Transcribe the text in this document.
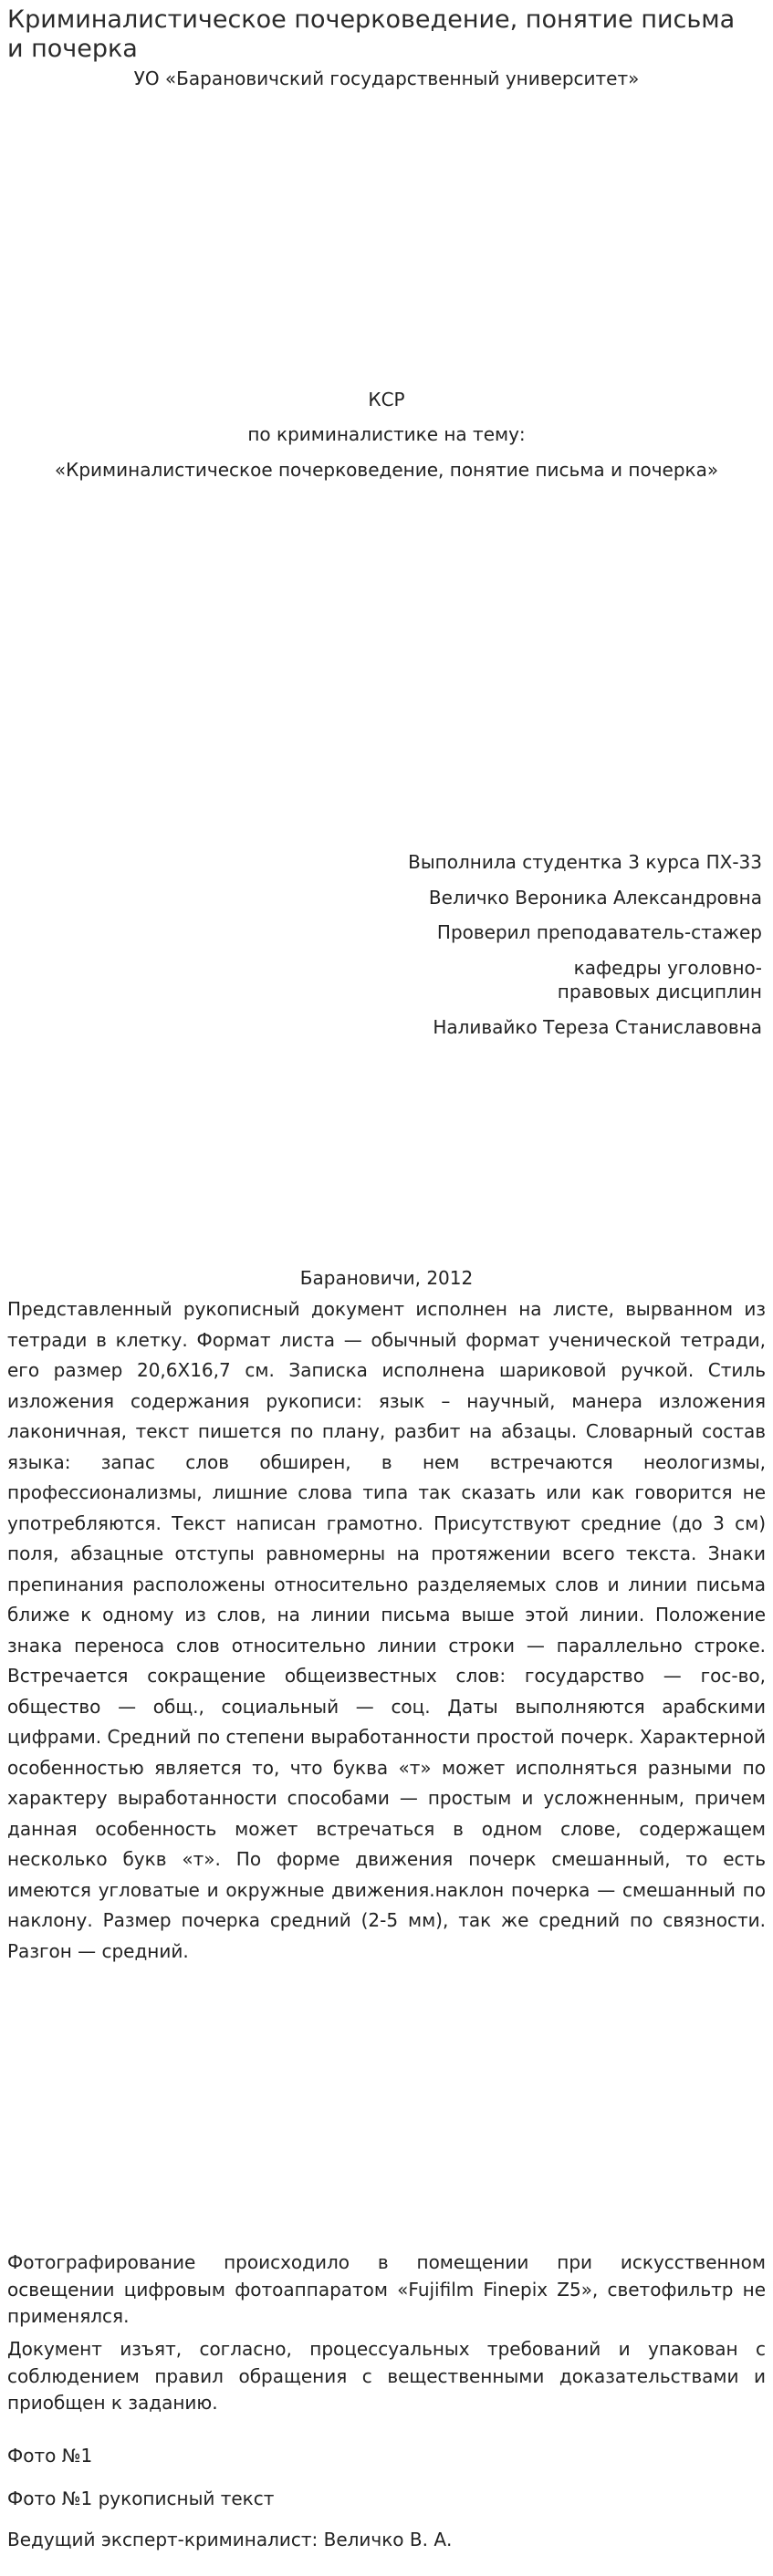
Криминалистическое почерковедение, понятие письма и почерка
УО «Барановичский государственный университет»
КСР
по криминалистике на тему:
«Криминалистическое почерковедение, понятие письма и почерка»
Выполнила студентка 3 курса ПХ-33
Величко Вероника Александровна
Проверил преподаватель-стажер
кафедры уголовно-правовых дисциплин
Наливайко Тереза Станиславовна
Барановичи, 2012
Представленный рукописный документ исполнен на листе, вырванном из тетради в клетку. Формат листа — обычный формат ученической тетради, его размер 20,6Х16,7 см. Записка исполнена шариковой ручкой. Стиль изложения содержания рукописи: язык – научный, манера изложения лаконичная, текст пишется по плану, разбит на абзацы. Словарный состав языка: запас слов обширен, в нем встречаются неологизмы, профессионализмы, лишние слова типа так сказать или как говорится не употребляются. Текст написан грамотно. Присутствуют средние (до 3 см) поля, абзацные отступы равномерны на протяжении всего текста. Знаки препинания расположены относительно разделяемых слов и линии письма ближе к одному из слов, на линии письма выше этой линии. Положение знака переноса слов относительно линии строки — параллельно строке. Встречается сокращение общеизвестных слов: государство — гос-во, общество — общ., социальный — соц. Даты выполняются арабскими цифрами. Средний по степени выработанности простой почерк. Характерной особенностью является то, что буква «т» может исполняться разными по характеру выработанности способами — простым и усложненным, причем данная особенность может встречаться в одном слове, содержащем несколько букв «т». По форме движения почерк смешанный, то есть имеются угловатые и окружные движения.наклон почерка — смешанный по наклону. Размер почерка средний (2-5 мм), так же средний по связности. Разгон — средний.
Фотографирование происходило в помещении при искусственном освещении цифровым фотоаппаратом «Fujifilm Finepix Z5», светофильтр не применялся.
Документ изъят, согласно, процессуальных требований и упакован с соблюдением правил обращения с вещественными доказательствами и приобщен к заданию.
Фото №1
Фото №1 рукописный текст
Ведущий эксперт-криминалист: Величко В. А.
